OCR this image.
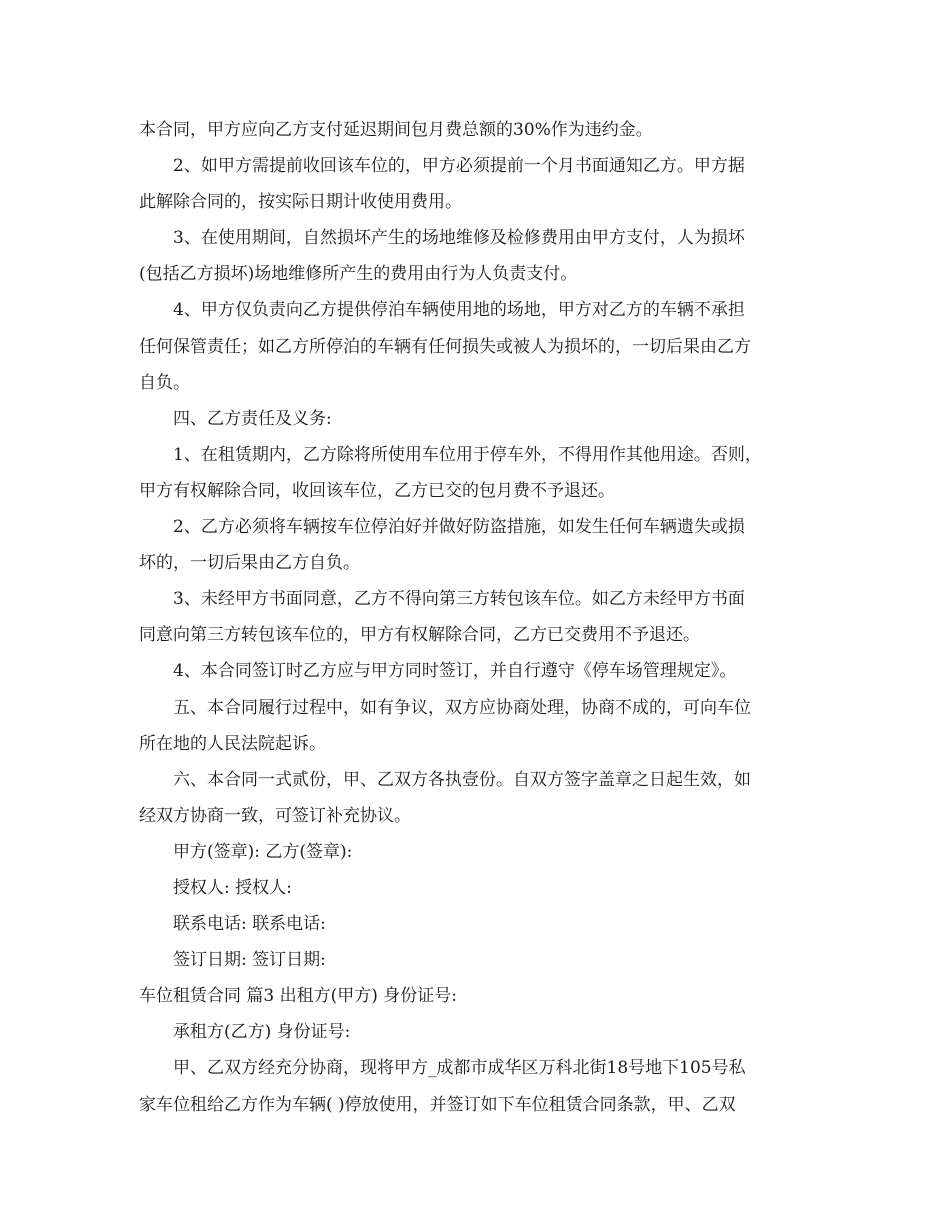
本合同，甲方应向乙方支付延迟期间包月费总额的30%作为违约金。

2、如甲方需提前收回该车位的，甲方必须提前一个月书面通知乙方。甲方据

此解除合同的，按实际日期计收使用费用。

3、在使用期间，自然损坏产生的场地维修及检修费用由甲方支付，人为损坏

(包括乙方损坏)场地维修所产生的费用由行为人负责支付。

4、甲方仅负责向乙方提供停泊车辆使用地的场地，甲方对乙方的车辆不承担

任何保管责任；如乙方所停泊的车辆有任何损失或被人为损坏的，一切后果由乙方

自负。

四、乙方责任及义务:

1、在租赁期内，乙方除将所使用车位用于停车外，不得用作其他用途。否则，

甲方有权解除合同，收回该车位，乙方已交的包月费不予退还。

2、乙方必须将车辆按车位停泊好并做好防盗措施，如发生任何车辆遗失或损

坏的，一切后果由乙方自负。

3、未经甲方书面同意，乙方不得向第三方转包该车位。如乙方未经甲方书面

同意向第三方转包该车位的，甲方有权解除合同，乙方已交费用不予退还。

4、本合同签订时乙方应与甲方同时签订，并自行遵守《停车场管理规定》。

五、本合同履行过程中，如有争议，双方应协商处理，协商不成的，可向车位

所在地的人民法院起诉。

六、本合同一式贰份，甲、乙双方各执壹份。自双方签字盖章之日起生效，如

经双方协商一致，可签订补充协议。

甲方(签章): 乙方(签章):

授权人: 授权人:

联系电话: 联系电话:

签订日期: 签订日期:

车位租赁合同 篇3 出租方(甲方) 身份证号:

承租方(乙方) 身份证号:

甲、乙双方经充分协商，现将甲方_成都市成华区万科北街18号地下105号私

家车位租给乙方作为车辆( )停放使用，并签订如下车位租赁合同条款，甲、乙双
